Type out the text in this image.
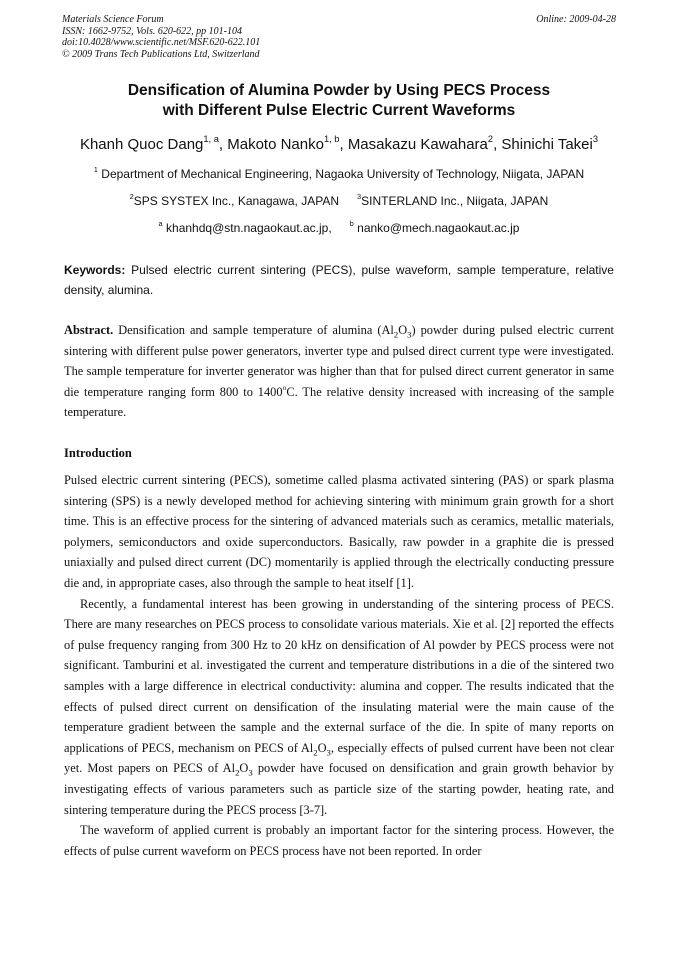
Materials Science Forum
ISSN: 1662-9752, Vols. 620-622, pp 101-104
doi:10.4028/www.scientific.net/MSF.620-622.101
© 2009 Trans Tech Publications Ltd, Switzerland
Online: 2009-04-28
Densification of Alumina Powder by Using PECS Process
with Different Pulse Electric Current Waveforms
Khanh Quoc Dang$^{1, a}$, Makoto Nanko$^{1, b}$, Masakazu Kawahara$^2$, Shinichi Takei$^3$
$^1$ Department of Mechanical Engineering, Nagaoka University of Technology, Niigata, JAPAN
$^2$SPS SYSTEX Inc., Kanagawa, JAPAN $^3$SINTERLAND Inc., Niigata, JAPAN
$^a$ khanhdq@stn.nagaokaut.ac.jp, $^b$ nanko@mech.nagaokaut.ac.jp
Keywords: Pulsed electric current sintering (PECS), pulse waveform, sample temperature, relative density, alumina.
Abstract. Densification and sample temperature of alumina $(Al_2O_3)$ powder during pulsed electric current sintering with different pulse power generators, inverter type and pulsed direct current type were investigated. The sample temperature for inverter generator was higher than that for pulsed direct current generator in same die temperature ranging form 800 to 1400$^o$C. The relative density increased with increasing of the sample temperature.
Introduction

Pulsed electric current sintering (PECS), sometime called plasma activated sintering (PAS) or spark plasma sintering (SPS) is a newly developed method for achieving sintering with minimum grain growth for a short time. This is an effective process for the sintering of advanced materials such as ceramics, metallic materials, polymers, semiconductors and oxide superconductors. Basically, raw powder in a graphite die is pressed uniaxially and pulsed direct current (DC) momentarily is applied through the electrically conducting pressure die and, in appropriate cases, also through the sample to heat itself [1].

Recently, a fundamental interest has been growing in understanding of the sintering process of PECS. There are many researches on PECS process to consolidate various materials. Xie et al. [2] reported the effects of pulse frequency ranging from 300 Hz to 20 kHz on densification of Al powder by PECS process were not significant. Tamburini et al. investigated the current and temperature distributions in a die of the sintered two samples with a large difference in electrical conductivity: alumina and copper. The results indicated that the effects of pulsed direct current on densification of the insulating material were the main cause of the temperature gradient between the sample and the external surface of the die. In spite of many reports on applications of PECS, mechanism on PECS of $Al_2O_3$, especially effects of pulsed current have been not clear yet. Most papers on PECS of $Al_2O_3$ powder have focused on densification and grain growth behavior by investigating effects of various parameters such as particle size of the starting powder, heating rate, and sintering temperature during the PECS process [3-7].

The waveform of applied current is probably an important factor for the sintering process. However, the effects of pulse current waveform on PECS process have not been reported. In order
